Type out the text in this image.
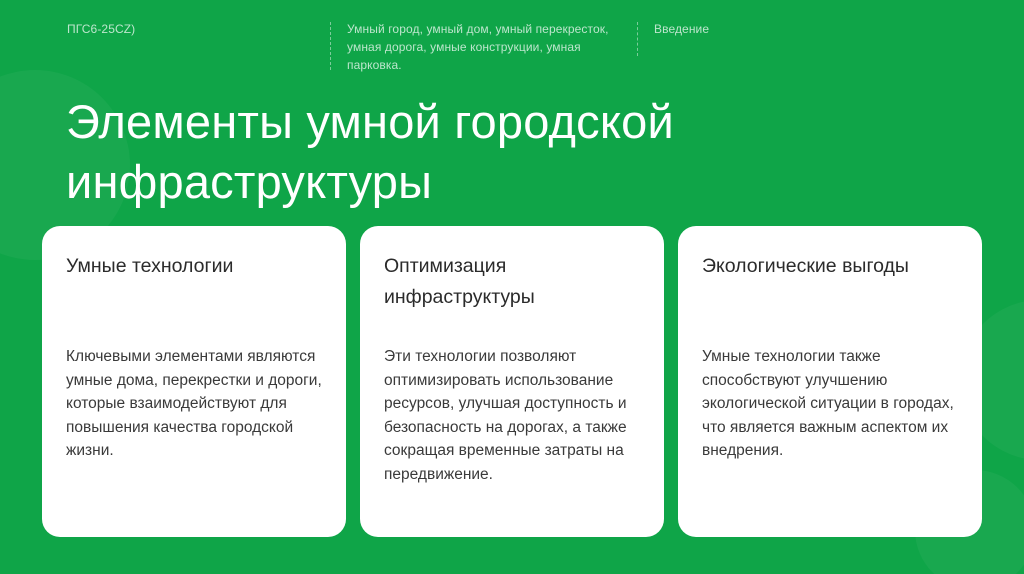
ПГС6-25CZ)	Умный город, умный дом, умный перекресток, умная дорога, умные конструкции, умная парковка.
Введение
Элементы умной городской инфраструктуры
Умные технологии

Ключевыми элементами являются умные дома, перекрестки и дороги, которые взаимодействуют для повышения качества городской жизни.

Оптимизация инфраструктуры

Эти технологии позволяют оптимизировать использование ресурсов, улучшая доступность и безопасность на дорогах, а также сокращая временные затраты на передвижение.

Экологические выгоды

Умные технологии также способствуют улучшению экологической ситуации в городах, что является важным аспектом их внедрения.
